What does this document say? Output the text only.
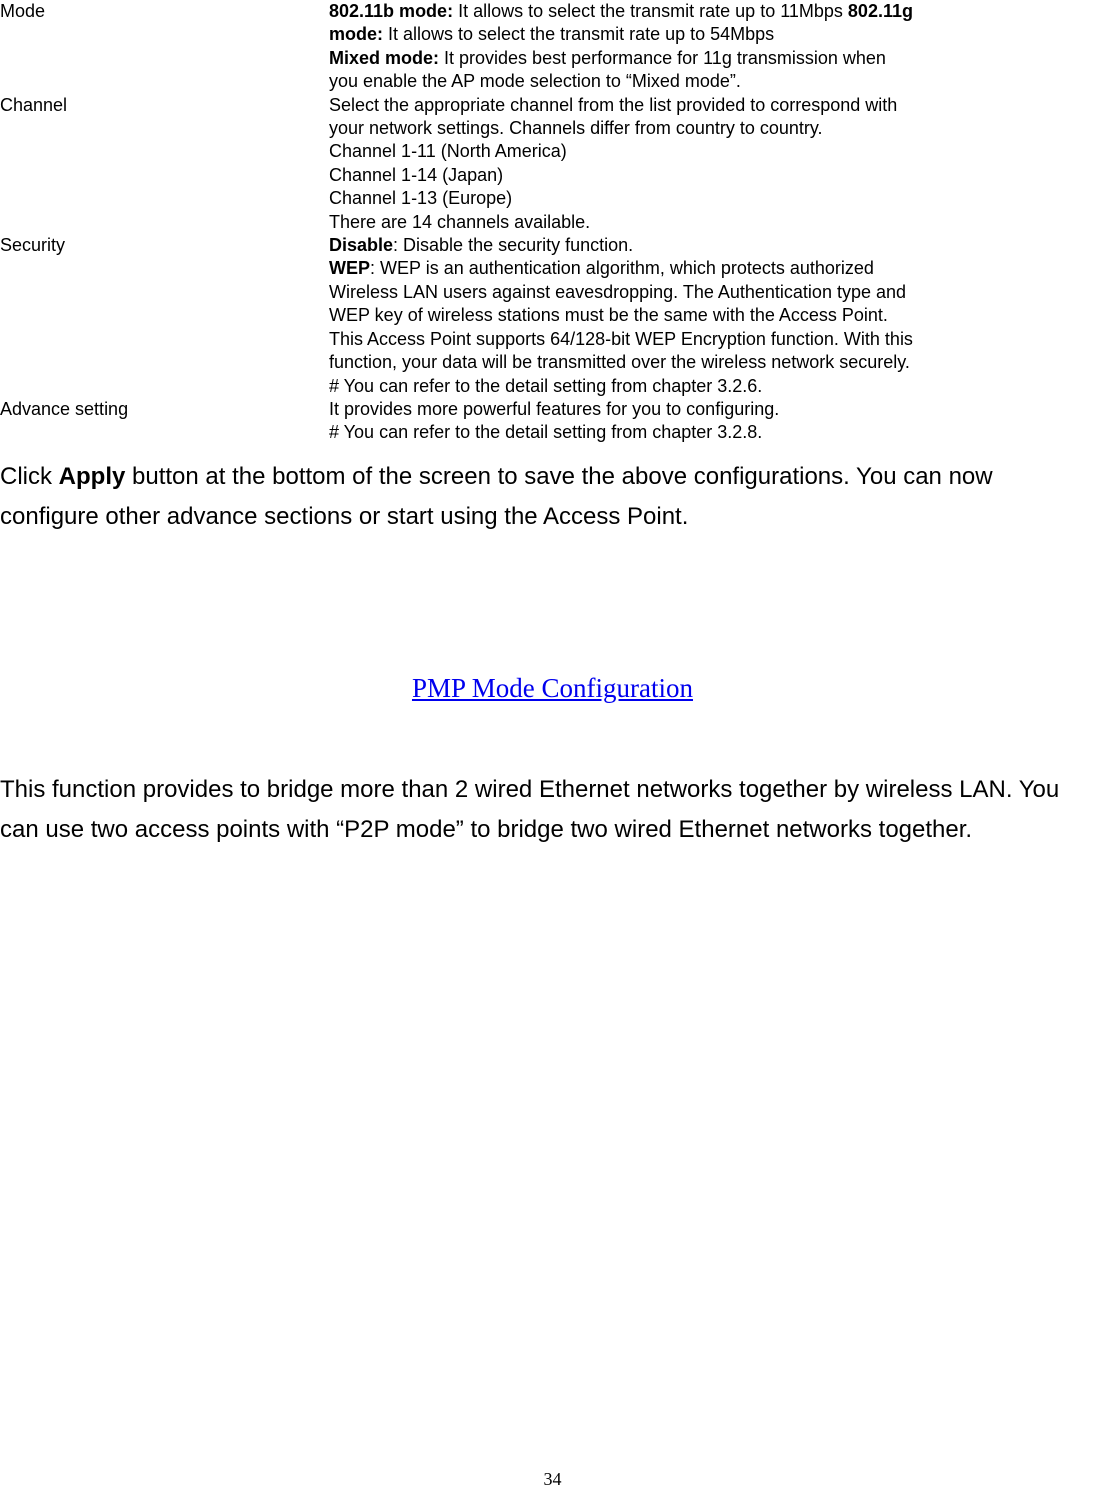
Mode	802.11b mode: It allows to select the transmit rate up to 11Mbps 802.11g
mode: It allows to select the transmit rate up to 54Mbps
Mixed mode: It provides best performance for 11g transmission when
you enable the AP mode selection to “Mixed mode”.
Channel	Select the appropriate channel from the list provided to correspond with
your network settings. Channels differ from country to country.
Channel 1-11 (North America)
Channel 1-14 (Japan)
Channel 1-13 (Europe)
There are 14 channels available.
Security	Disable: Disable the security function.
WEP: WEP is an authentication algorithm, which protects authorized
Wireless LAN users against eavesdropping. The Authentication type and
WEP key of wireless stations must be the same with the Access Point.
This Access Point supports 64/128-bit WEP Encryption function. With this
function, your data will be transmitted over the wireless network securely.
# You can refer to the detail setting from chapter 3.2.6.
Advance setting	It provides more powerful features for you to configuring.
# You can refer to the detail setting from chapter 3.2.8.
Click Apply button at the bottom of the screen to save the above configurations. You can now
configure other advance sections or start using the Access Point.
PMP Mode Configuration
This function provides to bridge more than 2 wired Ethernet networks together by wireless LAN. You
can use two access points with “P2P mode” to bridge two wired Ethernet networks together.
34
